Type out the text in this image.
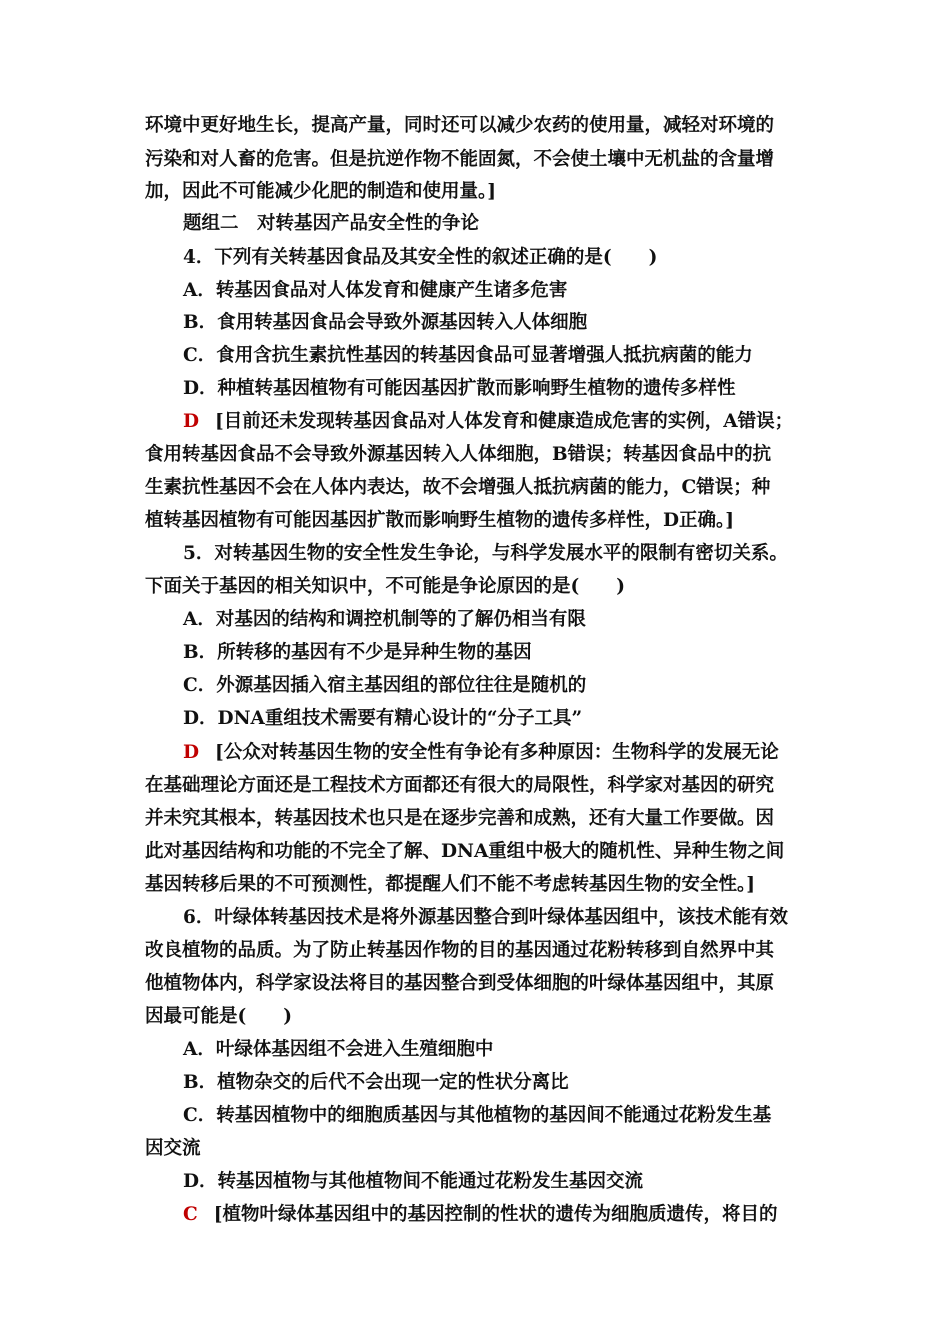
环境中更好地生长，提高产量，同时还可以减少农药的使用量，减轻对环境的
污染和对人畜的危害。但是抗逆作物不能固氮，不会使土壤中无机盐的含量增
加，因此不可能减少化肥的制造和使用量。]
题组二　对转基因产品安全性的争论
4．下列有关转基因食品及其安全性的叙述正确的是(　　)
A．转基因食品对人体发育和健康产生诸多危害
B．食用转基因食品会导致外源基因转入人体细胞
C．食用含抗生素抗性基因的转基因食品可显著增强人抵抗病菌的能力
D．种植转基因植物有可能因基因扩散而影响野生植物的遗传多样性
D [目前还未发现转基因食品对人体发育和健康造成危害的实例，A错误；
食用转基因食品不会导致外源基因转入人体细胞，B错误；转基因食品中的抗
生素抗性基因不会在人体内表达，故不会增强人抵抗病菌的能力，C错误；种
植转基因植物有可能因基因扩散而影响野生植物的遗传多样性，D正确。]
5．对转基因生物的安全性发生争论，与科学发展水平的限制有密切关系。
下面关于基因的相关知识中，不可能是争论原因的是(　　)
A．对基因的结构和调控机制等的了解仍相当有限
B．所转移的基因有不少是异种生物的基因
C．外源基因插入宿主基因组的部位往往是随机的
D．DNA重组技术需要有精心设计的“分子工具”
D [公众对转基因生物的安全性有争论有多种原因：生物科学的发展无论
在基础理论方面还是工程技术方面都还有很大的局限性，科学家对基因的研究
并未究其根本，转基因技术也只是在逐步完善和成熟，还有大量工作要做。因
此对基因结构和功能的不完全了解、DNA重组中极大的随机性、异种生物之间
基因转移后果的不可预测性，都提醒人们不能不考虑转基因生物的安全性。]
6．叶绿体转基因技术是将外源基因整合到叶绿体基因组中，该技术能有效
改良植物的品质。为了防止转基因作物的目的基因通过花粉转移到自然界中其
他植物体内，科学家设法将目的基因整合到受体细胞的叶绿体基因组中，其原
因最可能是(　　)
A．叶绿体基因组不会进入生殖细胞中
B．植物杂交的后代不会出现一定的性状分离比
C．转基因植物中的细胞质基因与其他植物的基因间不能通过花粉发生基
因交流
D．转基因植物与其他植物间不能通过花粉发生基因交流
C [植物叶绿体基因组中的基因控制的性状的遗传为细胞质遗传，将目的
